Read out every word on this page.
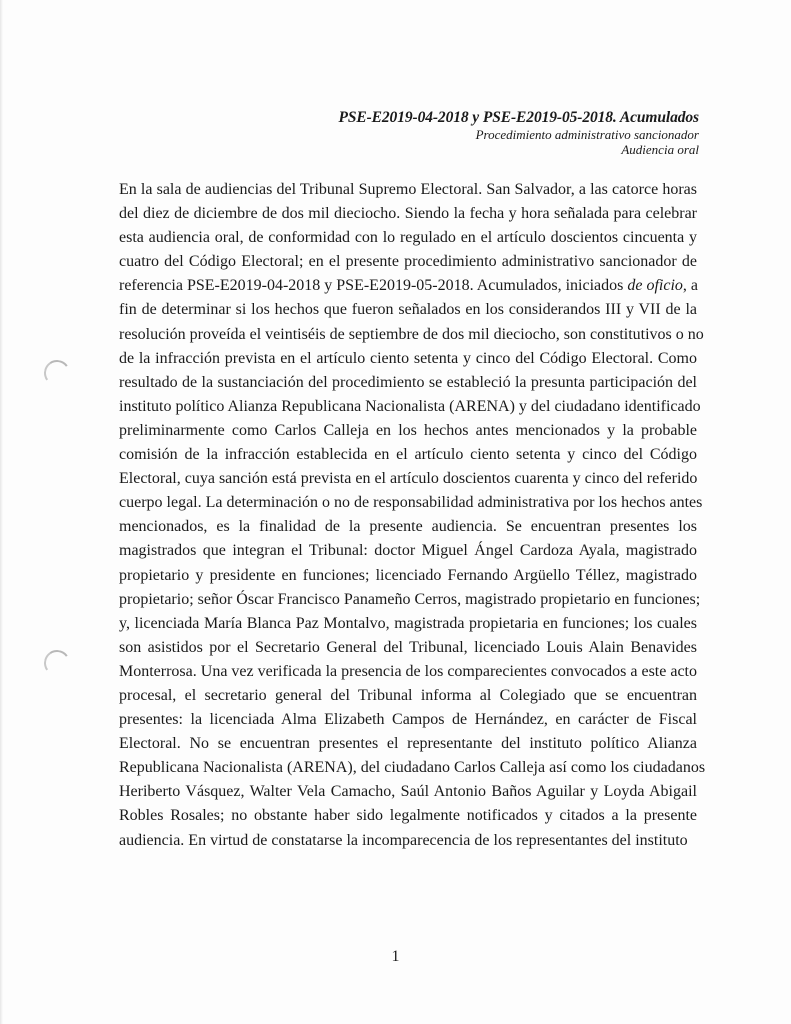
PSE-E2019-04-2018 y PSE-E2019-05-2018. Acumulados
Procedimiento administrativo sancionador
Audiencia oral
En la sala de audiencias del Tribunal Supremo Electoral. San Salvador, a las catorce horas
del diez de diciembre de dos mil dieciocho. Siendo la fecha y hora señalada para celebrar
esta audiencia oral, de conformidad con lo regulado en el artículo doscientos cincuenta y
cuatro del Código Electoral; en el presente procedimiento administrativo sancionador de
referencia PSE-E2019-04-2018 y PSE-E2019-05-2018. Acumulados, iniciados de oficio, a
fin de determinar si los hechos que fueron señalados en los considerandos III y VII de la
resolución proveída el veintiséis de septiembre de dos mil dieciocho, son constitutivos o no
de la infracción prevista en el artículo ciento setenta y cinco del Código Electoral. Como
resultado de la sustanciación del procedimiento se estableció la presunta participación del
instituto político Alianza Republicana Nacionalista (ARENA) y del ciudadano identificado
preliminarmente como Carlos Calleja en los hechos antes mencionados y la probable
comisión de la infracción establecida en el artículo ciento setenta y cinco del Código
Electoral, cuya sanción está prevista en el artículo doscientos cuarenta y cinco del referido
cuerpo legal. La determinación o no de responsabilidad administrativa por los hechos antes
mencionados, es la finalidad de la presente audiencia. Se encuentran presentes los
magistrados que integran el Tribunal: doctor Miguel Ángel Cardoza Ayala, magistrado
propietario y presidente en funciones; licenciado Fernando Argüello Téllez, magistrado
propietario; señor Óscar Francisco Panameño Cerros, magistrado propietario en funciones;
y, licenciada María Blanca Paz Montalvo, magistrada propietaria en funciones; los cuales
son asistidos por el Secretario General del Tribunal, licenciado Louis Alain Benavides
Monterrosa. Una vez verificada la presencia de los comparecientes convocados a este acto
procesal, el secretario general del Tribunal informa al Colegiado que se encuentran
presentes: la licenciada Alma Elizabeth Campos de Hernández, en carácter de Fiscal
Electoral. No se encuentran presentes el representante del instituto político Alianza
Republicana Nacionalista (ARENA), del ciudadano Carlos Calleja así como los ciudadanos
Heriberto Vásquez, Walter Vela Camacho, Saúl Antonio Baños Aguilar y Loyda Abigail
Robles Rosales; no obstante haber sido legalmente notificados y citados a la presente
audiencia. En virtud de constatarse la incomparecencia de los representantes del instituto
1
